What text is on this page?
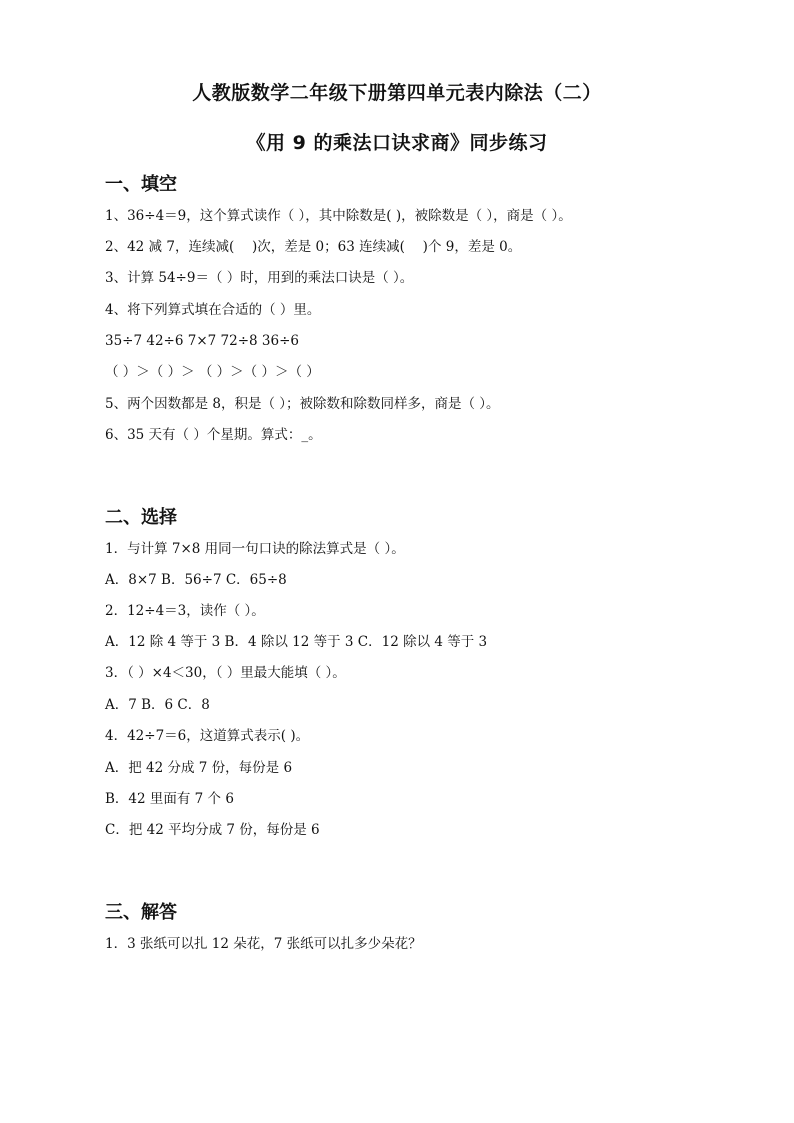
人教版数学二年级下册第四单元表内除法（二）
《用 9 的乘法口诀求商》同步练习
一、填空
1、36÷4＝9，这个算式读作（ ），其中除数是( )，被除数是（ ），商是（ ）。
2、42 减 7，连续减(　 )次，差是 0；63 连续减(　 )个 9，差是 0。
3、计算 54÷9＝（ ）时，用到的乘法口诀是（ ）。
4、将下列算式填在合适的（ ）里。
35÷7 42÷6 7×7 72÷8 36÷6
（ ）＞（ ）＞ （ ）＞（ ）＞（ ）
5、两个因数都是 8，积是（ ）；被除数和除数同样多，商是（ ）。
6、35 天有（ ）个星期。算式：_。
二、选择
1．与计算 7×8 用同一句口诀的除法算式是（ ）。
A．8×7 B．56÷7 C．65÷8
2．12÷4＝3，读作（ ）。
A．12 除 4 等于 3 B．4 除以 12 等于 3 C．12 除以 4 等于 3
3．（ ）×4＜30，（ ）里最大能填（ ）。
A．7 B．6 C．8
4．42÷7＝6，这道算式表示( )。
A．把 42 分成 7 份，每份是 6
B．42 里面有 7 个 6
C．把 42 平均分成 7 份，每份是 6
三、解答
1．3 张纸可以扎 12 朵花，7 张纸可以扎多少朵花？
